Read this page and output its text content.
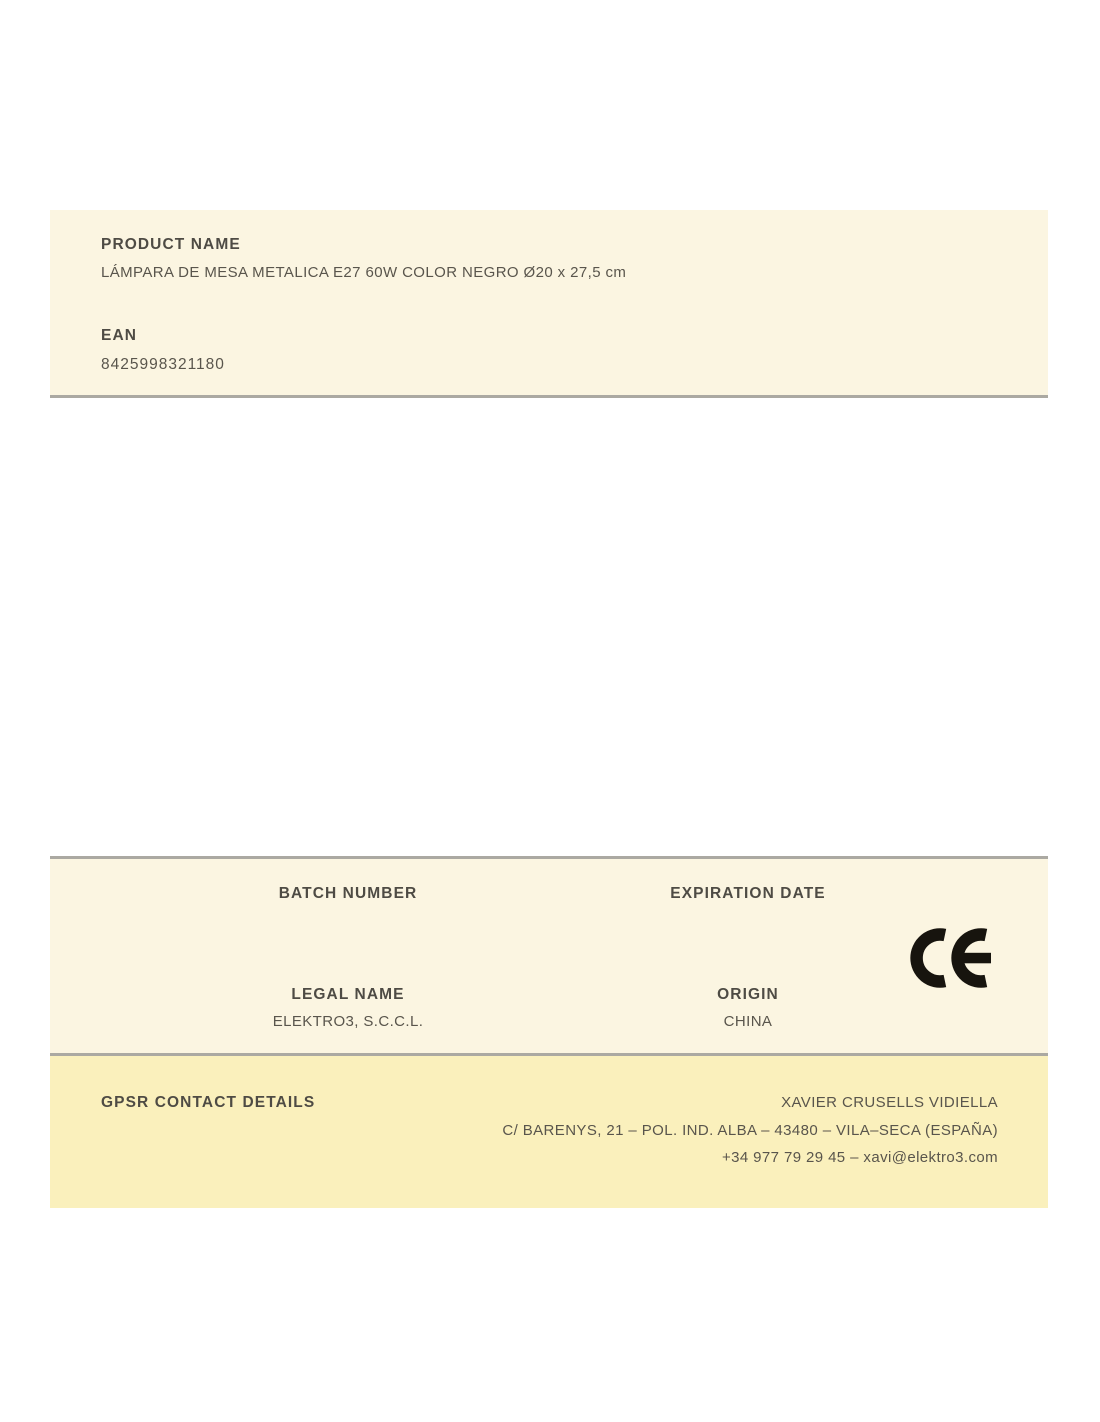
PRODUCT NAME
LÁMPARA DE MESA METALICA E27 60W COLOR NEGRO Ø20 x 27,5 cm
EAN
8425998321180
BATCH NUMBER	EXPIRATION DATE
LEGAL NAME
ELEKTRO3, S.C.C.L.
ORIGIN
CHINA
GPSR CONTACT DETAILS	XAVIER CRUSELLS VIDIELLA
C/ BARENYS, 21 – POL. IND. ALBA – 43480 – VILA–SECA (ESPAÑA)
+34 977 79 29 45 – xavi@elektro3.com
